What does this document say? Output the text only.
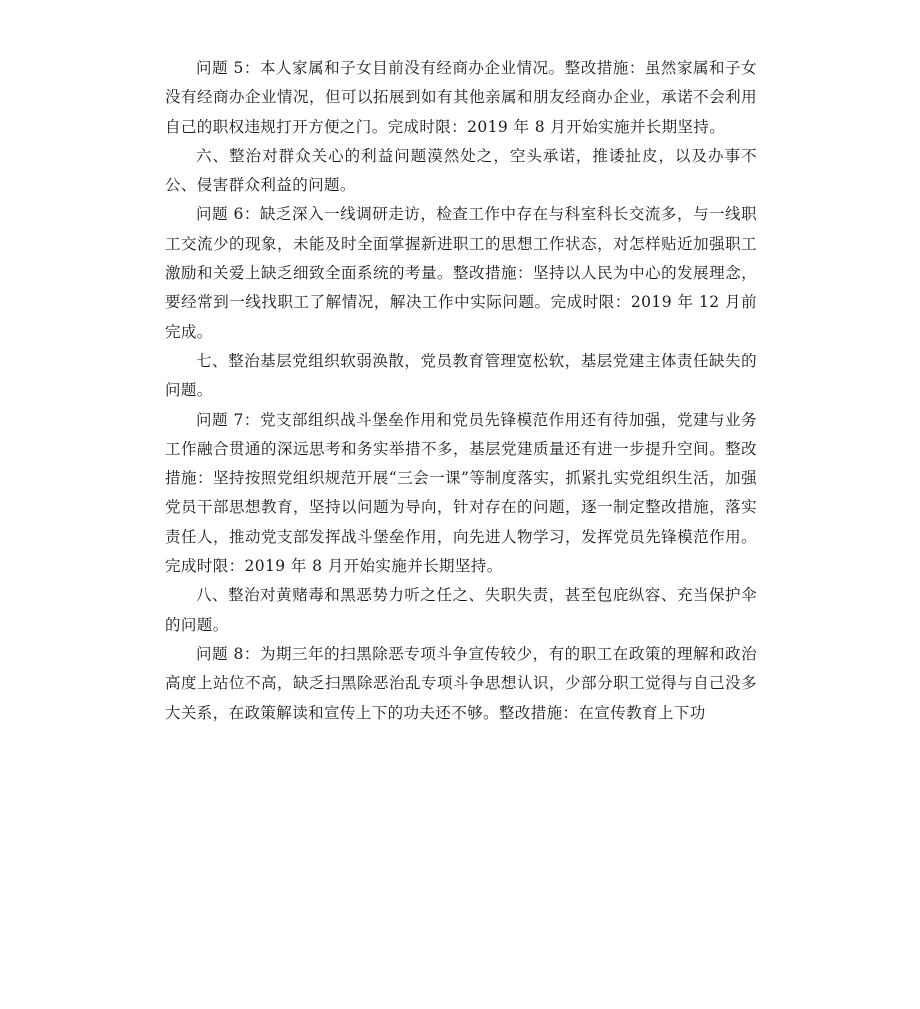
问题 5：本人家属和子女目前没有经商办企业情况。整改措施：虽然家属和子女没有经商办企业情况，但可以拓展到如有其他亲属和朋友经商办企业，承诺不会利用自己的职权违规打开方便之门。完成时限：2019 年 8 月开始实施并长期坚持。

六、整治对群众关心的利益问题漠然处之，空头承诺，推诿扯皮，以及办事不公、侵害群众利益的问题。

问题 6：缺乏深入一线调研走访，检查工作中存在与科室科长交流多，与一线职工交流少的现象，未能及时全面掌握新进职工的思想工作状态，对怎样贴近加强职工激励和关爱上缺乏细致全面系统的考量。整改措施：坚持以人民为中心的发展理念，要经常到一线找职工了解情况，解决工作中实际问题。完成时限：2019 年 12 月前完成。

七、整治基层党组织软弱涣散，党员教育管理宽松软，基层党建主体责任缺失的问题。

问题 7：党支部组织战斗堡垒作用和党员先锋模范作用还有待加强，党建与业务工作融合贯通的深远思考和务实举措不多，基层党建质量还有进一步提升空间。整改措施：坚持按照党组织规范开展“三会一课”等制度落实，抓紧扎实党组织生活，加强党员干部思想教育，坚持以问题为导向，针对存在的问题，逐一制定整改措施，落实责任人，推动党支部发挥战斗堡垒作用，向先进人物学习，发挥党员先锋模范作用。完成时限：2019 年 8 月开始实施并长期坚持。

八、整治对黄赌毒和黑恶势力听之任之、失职失责，甚至包庇纵容、充当保护伞的问题。

问题 8：为期三年的扫黑除恶专项斗争宣传较少，有的职工在政策的理解和政治高度上站位不高，缺乏扫黑除恶治乱专项斗争思想认识，少部分职工觉得与自己没多大关系，在政策解读和宣传上下的功夫还不够。整改措施：在宣传教育上下功
